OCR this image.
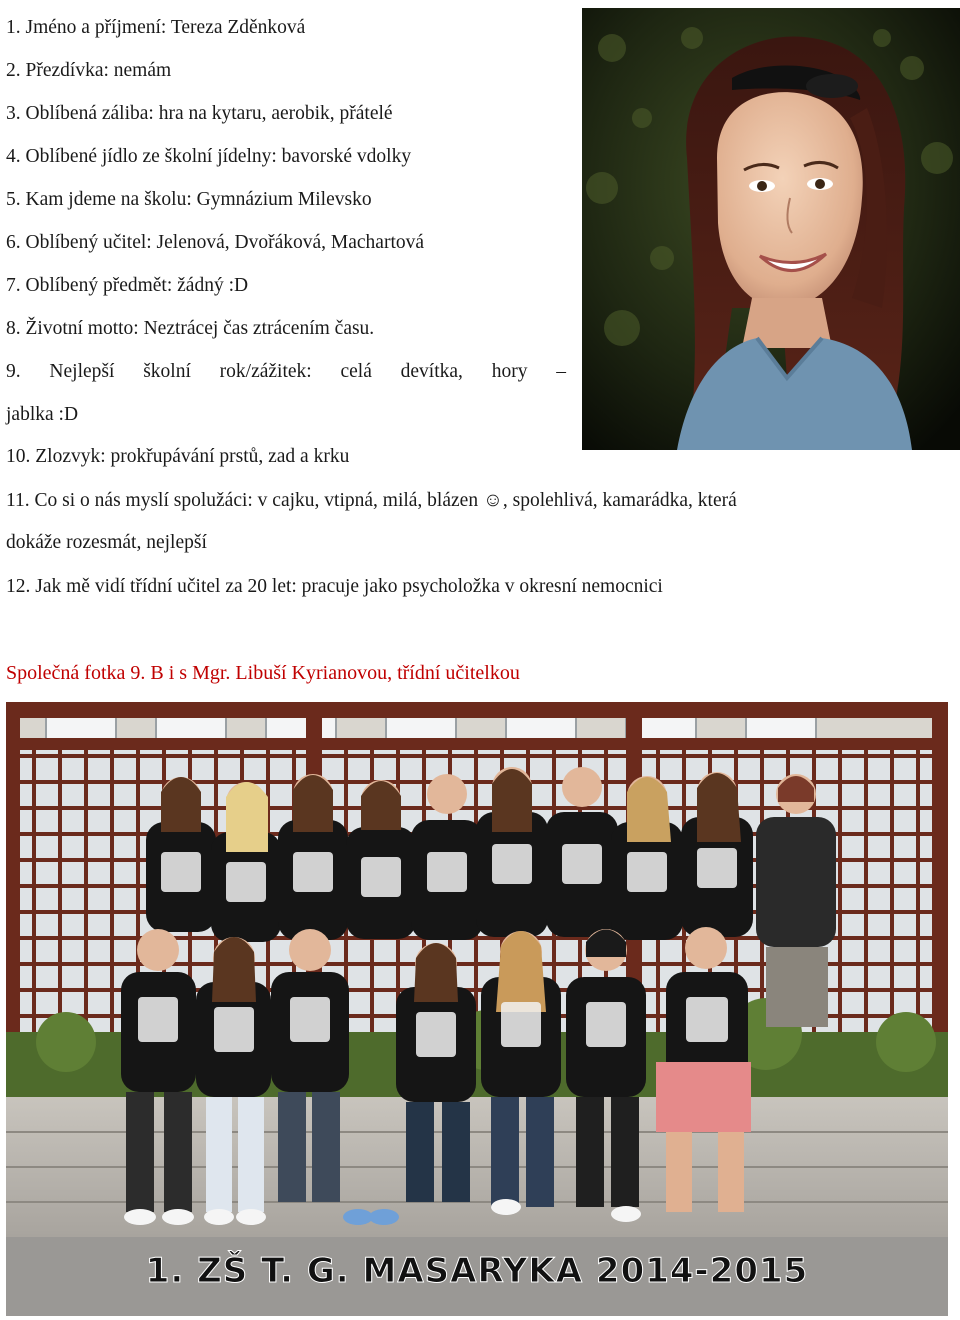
1. Jméno a příjmení: Tereza Zděnková
2. Přezdívka: nemám
3. Oblíbená záliba: hra na kytaru, aerobik, přátelé
4. Oblíbené jídlo ze školní jídelny: bavorské vdolky
5. Kam jdeme na školu: Gymnázium Milevsko
6. Oblíbený učitel: Jelenová, Dvořáková, Machartová
7. Oblíbený předmět: žádný :D
8. Životní motto: Neztrácej čas ztrácením času.
9. Nejlepší školní rok/zážitek: celá devítka, hory –
jablka :D
10. Zlozvyk: prokřupávání prstů, zad a krku
11. Co si o nás myslí spolužáci: v cajku, vtipná, milá, blázen ☺, spolehlivá, kamarádka, která
dokáže rozesmát, nejlepší
12. Jak mě vidí třídní učitel za 20 let: pracuje jako psycholožka v okresní nemocnici
Společná fotka 9. B i s Mgr. Libuší Kyrianovou, třídní učitelkou
1. ZŠ T. G. MASARYKA 2014-2015
